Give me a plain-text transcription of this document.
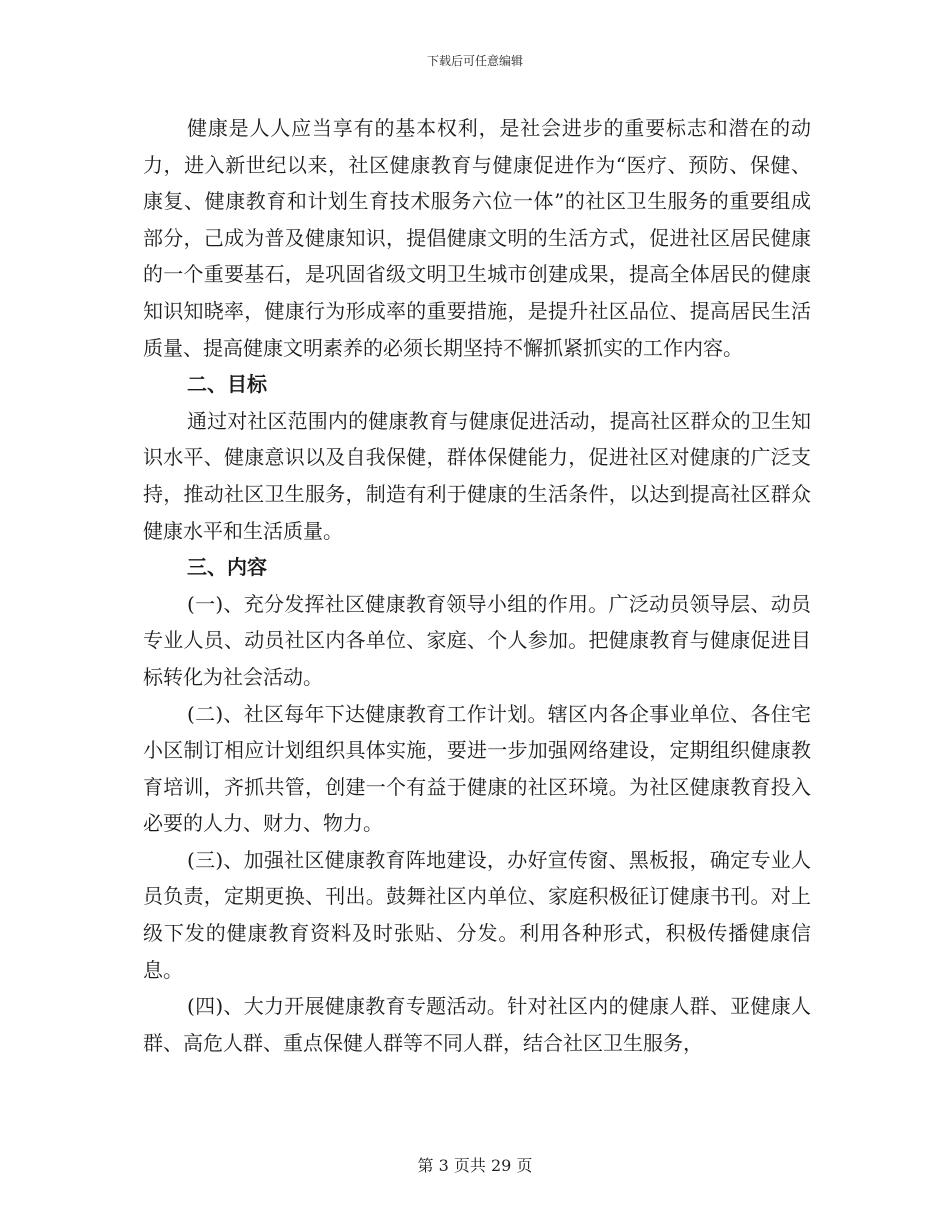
下载后可任意编辑

健康是人人应当享有的基本权利，是社会进步的重要标志和潜在的动力，进入新世纪以来，社区健康教育与健康促进作为“医疗、预防、保健、康复、健康教育和计划生育技术服务六位一体”的社区卫生服务的重要组成部分，己成为普及健康知识，提倡健康文明的生活方式，促进社区居民健康的一个重要基石，是巩固省级文明卫生城市创建成果，提高全体居民的健康知识知晓率，健康行为形成率的重要措施，是提升社区品位、提高居民生活质量、提高健康文明素养的必须长期坚持不懈抓紧抓实的工作内容。

二、目标

通过对社区范围内的健康教育与健康促进活动，提高社区群众的卫生知识水平、健康意识以及自我保健，群体保健能力，促进社区对健康的广泛支持，推动社区卫生服务，制造有利于健康的生活条件，以达到提高社区群众健康水平和生活质量。

三、内容

(一)、充分发挥社区健康教育领导小组的作用。广泛动员领导层、动员专业人员、动员社区内各单位、家庭、个人参加。把健康教育与健康促进目标转化为社会活动。

(二)、社区每年下达健康教育工作计划。辖区内各企事业单位、各住宅小区制订相应计划组织具体实施，要进一步加强网络建设，定期组织健康教育培训，齐抓共管，创建一个有益于健康的社区环境。为社区健康教育投入必要的人力、财力、物力。

(三)、加强社区健康教育阵地建设，办好宣传窗、黑板报，确定专业人员负责，定期更换、刊出。鼓舞社区内单位、家庭积极征订健康书刊。对上级下发的健康教育资料及时张贴、分发。利用各种形式，积极传播健康信息。

(四)、大力开展健康教育专题活动。针对社区内的健康人群、亚健康人群、高危人群、重点保健人群等不同人群，结合社区卫生服务，

第 3 页共 29 页
